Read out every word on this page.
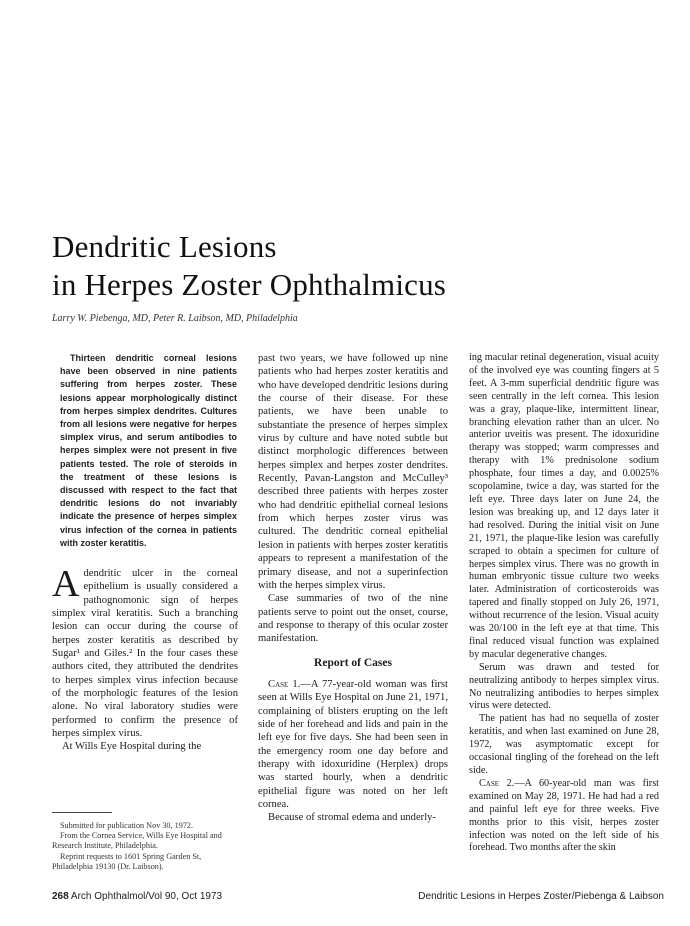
Dendritic Lesions
in Herpes Zoster Ophthalmicus
Larry W. Piebenga, MD, Peter R. Laibson, MD, Philadelphia
Thirteen dendritic corneal lesions have been observed in nine patients suffering from herpes zoster. These lesions appear morphologically distinct from herpes simplex dendrites. Cultures from all lesions were negative for herpes simplex virus, and serum antibodies to herpes simplex were not present in five patients tested. The role of steroids in the treatment of these lesions is discussed with respect to the fact that dendritic lesions do not invariably indicate the presence of herpes simplex virus infection of the cornea in patients with zoster keratitis.

Adendritic ulcer in the corneal epithelium is usually considered a pathognomonic sign of herpes simplex viral keratitis. Such a branching lesion can occur during the course of herpes zoster keratitis as described by Sugar¹ and Giles.² In the four cases these authors cited, they attributed the dendrites to herpes simplex virus infection because of the morphologic features of the lesion alone. No viral laboratory studies were performed to confirm the presence of herpes simplex virus.

At Wills Eye Hospital during the

past two years, we have followed up nine patients who had herpes zoster keratitis and who have developed dendritic lesions during the course of their disease. For these patients, we have been unable to substantiate the presence of herpes simplex virus by culture and have noted subtle but distinct morphologic differences between herpes simplex and herpes zoster dendrites. Recently, Pavan-Langston and McCulley³ described three patients with herpes zoster who had dendritic epithelial corneal lesions from which herpes zoster virus was cultured. The dendritic corneal epithelial lesion in patients with herpes zoster keratitis appears to represent a manifestation of the primary disease, and not a superinfection with the herpes simplex virus.

Case summaries of two of the nine patients serve to point out the onset, course, and response to therapy of this ocular zoster manifestation.

Report of Cases

Case 1.—A 77-year-old woman was first seen at Wills Eye Hospital on June 21, 1971, complaining of blisters erupting on the left side of her forehead and lids and pain in the left eye for five days. She had been seen in the emergency room one day before and therapy with idoxuridine (Herplex) drops was started hourly, when a dendritic epithelial figure was noted on her left cornea.

Because of stromal edema and underly-

ing macular retinal degeneration, visual acuity of the involved eye was counting fingers at 5 feet. A 3-mm superficial dendritic figure was seen centrally in the left cornea. This lesion was a gray, plaque-like, intermittent linear, branching elevation rather than an ulcer. No anterior uveitis was present. The idoxuridine therapy was stopped; warm compresses and therapy with 1% prednisolone sodium phosphate, four times a day, and 0.0025% scopolamine, twice a day, was started for the left eye. Three days later on June 24, the lesion was breaking up, and 12 days later it had resolved. During the initial visit on June 21, 1971, the plaque-like lesion was carefully scraped to obtain a specimen for culture of herpes simplex virus. There was no growth in human embryonic tissue culture two weeks later. Administration of corticosteroids was tapered and finally stopped on July 26, 1971, without recurrence of the lesion. Visual acuity was 20/100 in the left eye at that time. This final reduced visual function was explained by macular degenerative changes.

Serum was drawn and tested for neutralizing antibody to herpes simplex virus. No neutralizing antibodies to herpes simplex virus were detected.

The patient has had no sequella of zoster keratitis, and when last examined on June 28, 1972, was asymptomatic except for occasional tingling of the forehead on the left side.

Case 2.—A 60-year-old man was first examined on May 28, 1971. He had had a red and painful left eye for three weeks. Five months prior to this visit, herpes zoster infection was noted on the left side of his forehead. Two months after the skin

Submitted for publication Nov 30, 1972.

From the Cornea Service, Wills Eye Hospital and Research Institute, Philadelphia.

Reprint requests to 1601 Spring Garden St, Philadelphia 19130 (Dr. Laibson).

268 Arch Ophthalmol/Vol 90, Oct 1973	Dendritic Lesions in Herpes Zoster/Piebenga & Laibson
